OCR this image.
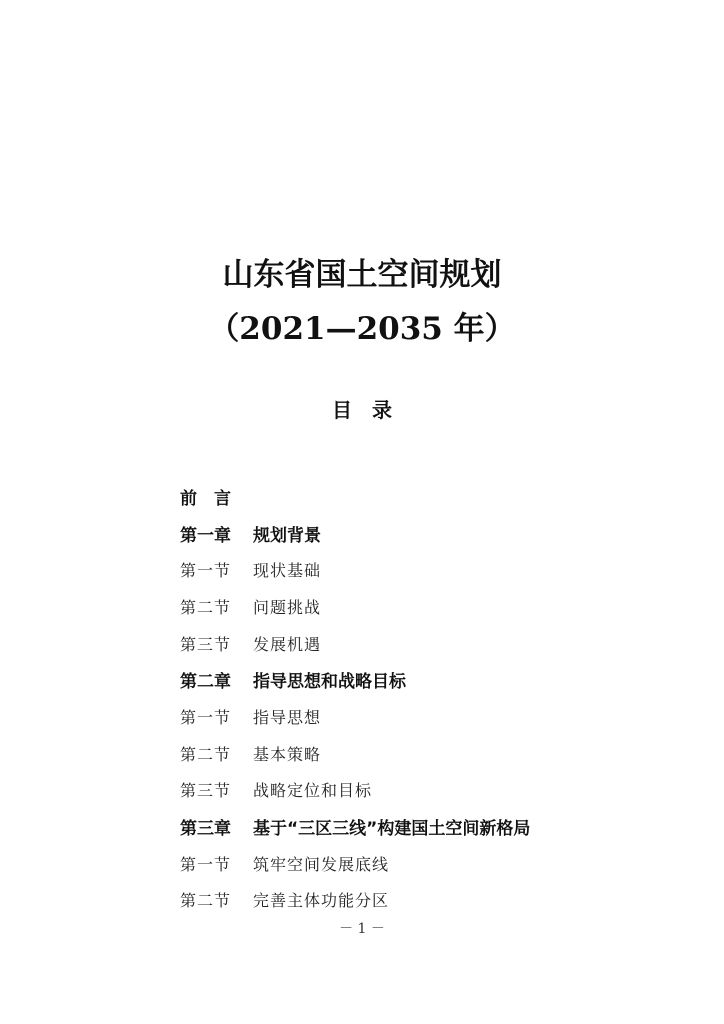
山东省国土空间规划
（2021—2035 年）
目　录
前　言
第一章	规划背景
第一节	现状基础
第二节	问题挑战
第三节	发展机遇
第二章	指导思想和战略目标
第一节	指导思想
第二节	基本策略
第三节	战略定位和目标
第三章	基于“三区三线”构建国土空间新格局
第一节	筑牢空间发展底线
第二节	完善主体功能分区
－ 1 －
